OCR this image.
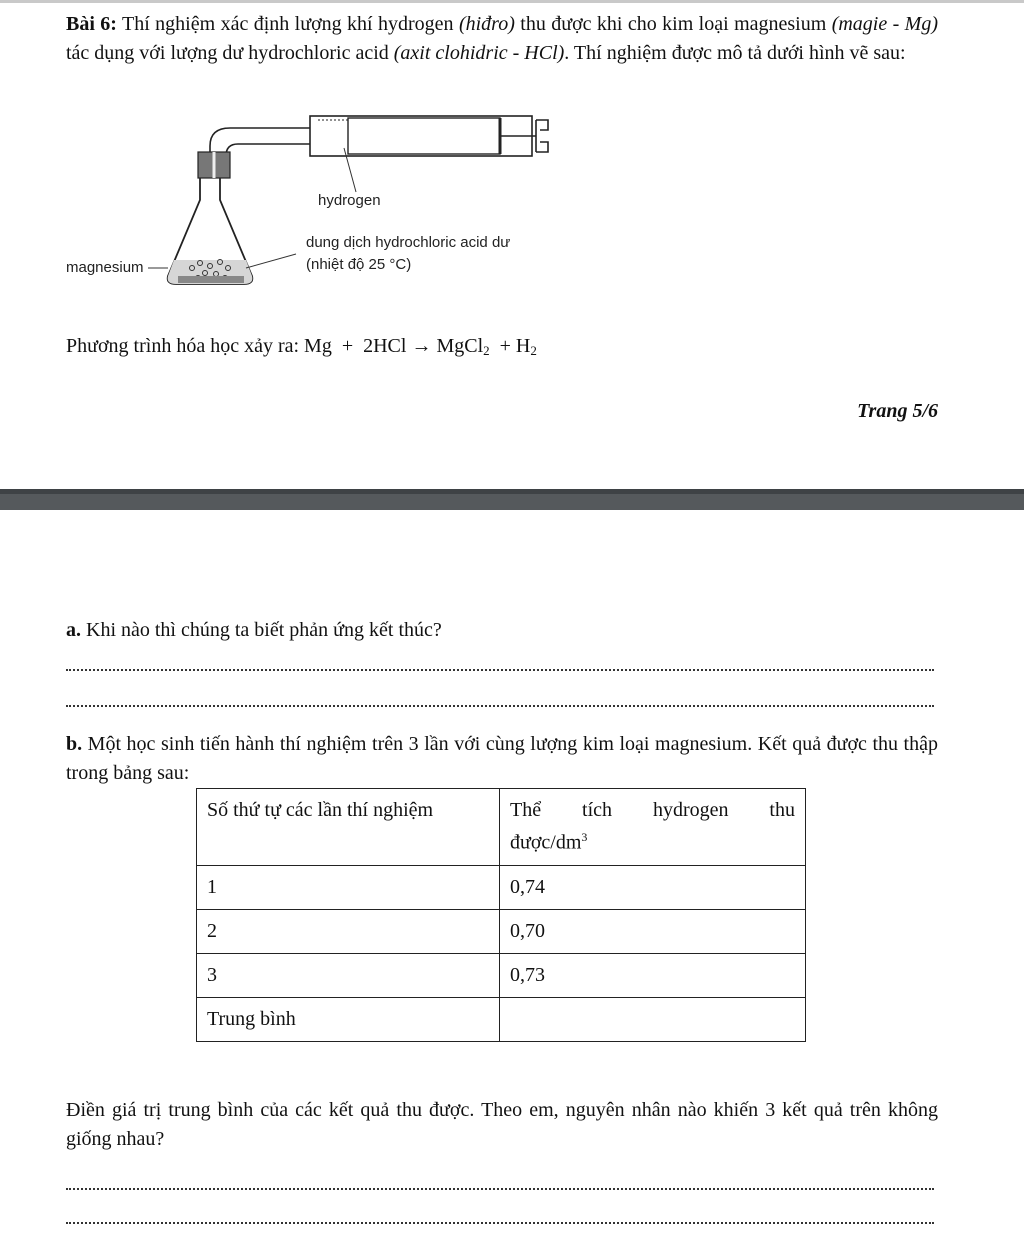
Bài 6: Thí nghiệm xác định lượng khí hydrogen (hiđro) thu được khi cho kim loại magnesium (magie - Mg) tác dụng với lượng dư hydrochloric acid (axit clohidric - HCl). Thí nghiệm được mô tả dưới hình vẽ sau:
hydrogen
dung dịch hydrochloric acid dư
(nhiệt độ 25 °C)
magnesium
Phương trình hóa học xảy ra: Mg  +  2HCl → MgCl$_2$  + $H_2$
Trang 5/6
a. Khi nào thì chúng ta biết phản ứng kết thúc?
b. Một học sinh tiến hành thí nghiệm trên 3 lần với cùng lượng kim loại magnesium. Kết quả được thu thập trong bảng sau:
Số thứ tự các lần thí nghiệm	Thể tích hydrogen thu
được/$dm^3$

1	0,74
2	0,70
3	0,73
Trung bình	
Điền giá trị trung bình của các kết quả thu được. Theo em, nguyên nhân nào khiến 3 kết quả trên không giống nhau?
